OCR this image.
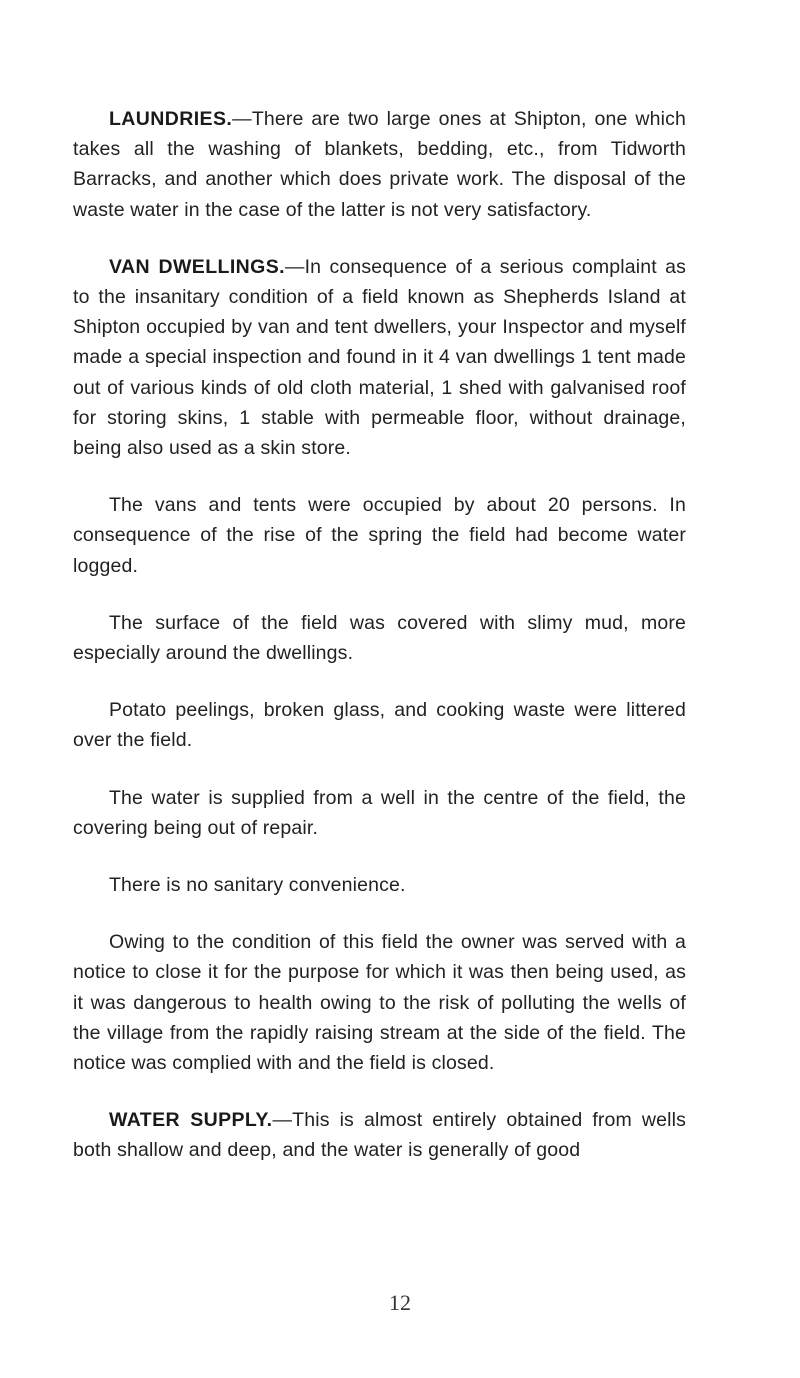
LAUNDRIES.—There are two large ones at Shipton, one which takes all the washing of blankets, bedding, etc., from Tidworth Barracks, and another which does private work. The disposal of the waste water in the case of the latter is not very satisfactory.

VAN DWELLINGS.—In consequence of a serious complaint as to the insanitary condition of a field known as Shepherds Island at Shipton occupied by van and tent dwellers, your Inspector and myself made a special inspection and found in it 4 van dwellings 1 tent made out of various kinds of old cloth material, 1 shed with galvanised roof for storing skins, 1 stable with permeable floor, without drainage, being also used as a skin store.

The vans and tents were occupied by about 20 persons. In consequence of the rise of the spring the field had become water logged.

The surface of the field was covered with slimy mud, more especially around the dwellings.

Potato peelings, broken glass, and cooking waste were littered over the field.

The water is supplied from a well in the centre of the field, the covering being out of repair.

There is no sanitary convenience.

Owing to the condition of this field the owner was served with a notice to close it for the purpose for which it was then being used, as it was dangerous to health owing to the risk of polluting the wells of the village from the rapidly raising stream at the side of the field. The notice was complied with and the field is closed.

WATER SUPPLY.—This is almost entirely obtained from wells both shallow and deep, and the water is generally of good

12
